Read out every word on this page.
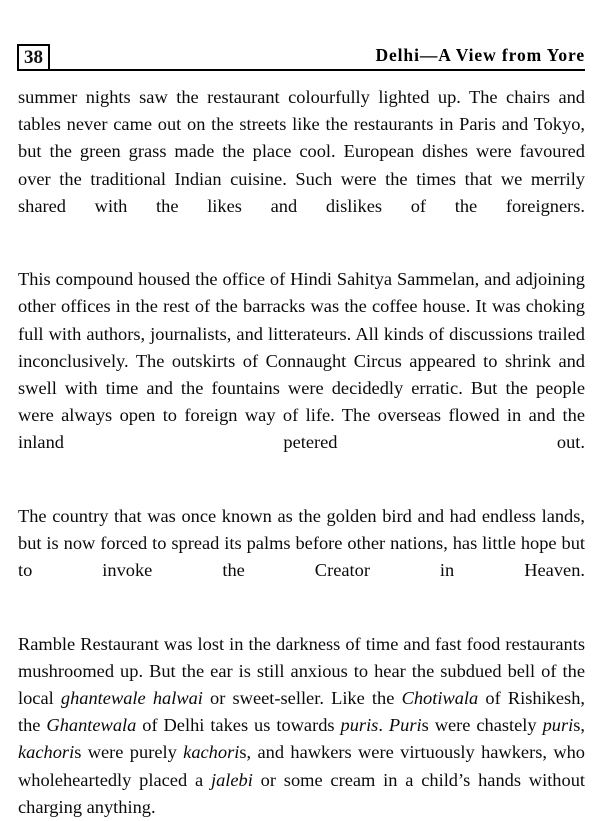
38	Delhi—A View from Yore

summer nights saw the restaurant colourfully lighted up. The chairs and tables never came out on the streets like the restaurants in Paris and Tokyo, but the green grass made the place cool. European dishes were favoured over the traditional Indian cuisine. Such were the times that we merrily shared with the likes and dislikes of the foreigners.

This compound housed the office of Hindi Sahitya Sammelan, and adjoining other offices in the rest of the barracks was the coffee house. It was choking full with authors, journalists, and litterateurs. All kinds of discussions trailed inconclusively. The outskirts of Connaught Circus appeared to shrink and swell with time and the fountains were decidedly erratic. But the people were always open to foreign way of life. The overseas flowed in and the inland petered out.

The country that was once known as the golden bird and had endless lands, but is now forced to spread its palms before other nations, has little hope but to invoke the Creator in Heaven.

Ramble Restaurant was lost in the darkness of time and fast food restaurants mushroomed up. But the ear is still anxious to hear the subdued bell of the local ghantewale halwai or sweet-seller. Like the Chotiwala of Rishikesh, the Ghantewala of Delhi takes us towards puris. Puris were chastely puris, kachoris were purely kachoris, and hawkers were virtuously hawkers, who wholeheartedly placed a jalebi or some cream in a child’s hands without charging anything.
